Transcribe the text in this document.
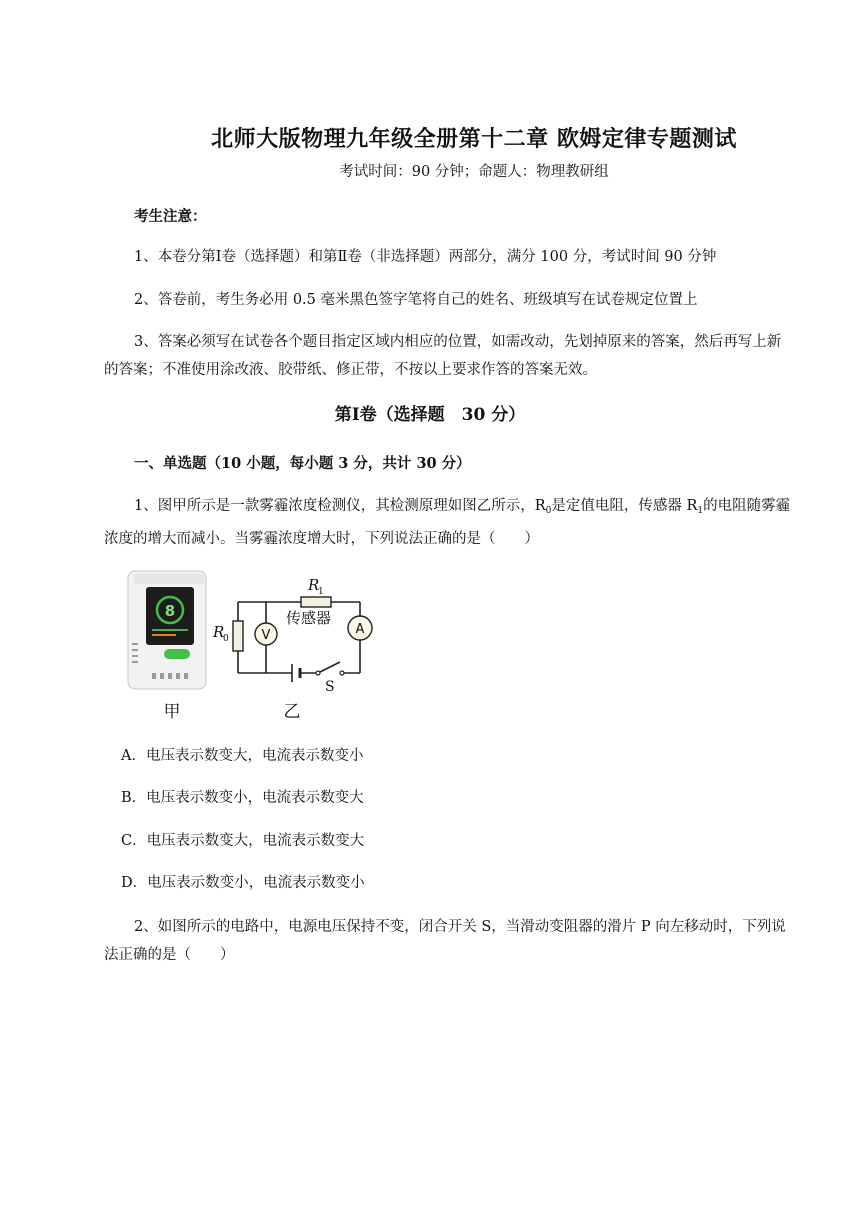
北师大版物理九年级全册第十二章 欧姆定律专题测试
考试时间：90 分钟；命题人：物理教研组
考生注意：
1、本卷分第Ⅰ卷（选择题）和第Ⅱ卷（非选择题）两部分，满分 100 分，考试时间 90 分钟
2、答卷前，考生务必用 0.5 毫米黑色签字笔将自己的姓名、班级填写在试卷规定位置上
3、答案必须写在试卷各个题目指定区域内相应的位置，如需改动，先划掉原来的答案，然后再写上新的答案；不准使用涂改液、胶带纸、修正带，不按以上要求作答的答案无效。
第Ⅰ卷（选择题　30 分）
一、单选题（10 小题，每小题 3 分，共计 30 分）
1、图甲所示是一款雾霾浓度检测仪，其检测原理如图乙所示，$R_0$是定值电阻，传感器 $R_1$的电阻随雾霾浓度的增大而减小。当雾霾浓度增大时，下列说法正确的是（　　）
8
甲
V	A
R
1
R
0
传感器
S
乙
A．电压表示数变大，电流表示数变小
B．电压表示数变小，电流表示数变大
C．电压表示数变大，电流表示数变大
D．电压表示数变小，电流表示数变小
2、如图所示的电路中，电源电压保持不变，闭合开关 S，当滑动变阻器的滑片 P 向左移动时，下列说法正确的是（　　）
